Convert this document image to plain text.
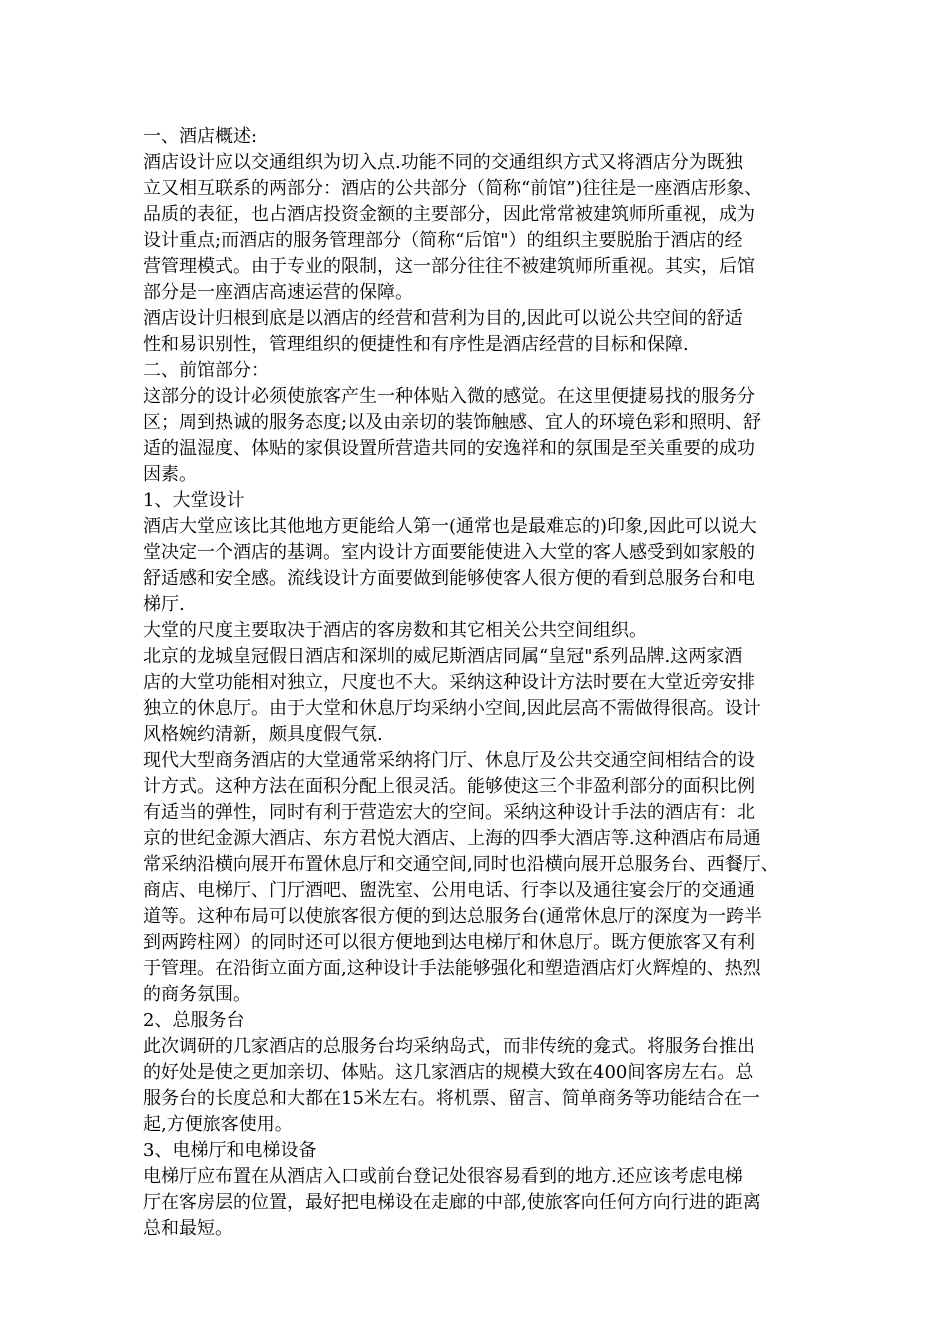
一、酒店概述:
酒店设计应以交通组织为切入点.功能不同的交通组织方式又将酒店分为既独
立又相互联系的两部分：酒店的公共部分（简称“前馆”)往往是一座酒店形象、
品质的表征，也占酒店投资金额的主要部分，因此常常被建筑师所重视，成为
设计重点;而酒店的服务管理部分（简称“后馆"）的组织主要脱胎于酒店的经
营管理模式。由于专业的限制，这一部分往往不被建筑师所重视。其实，后馆
部分是一座酒店高速运营的保障。
酒店设计归根到底是以酒店的经营和营利为目的,因此可以说公共空间的舒适
性和易识别性，管理组织的便捷性和有序性是酒店经营的目标和保障.
二、前馆部分：
这部分的设计必须使旅客产生一种体贴入微的感觉。在这里便捷易找的服务分
区；周到热诚的服务态度;以及由亲切的装饰触感、宜人的环境色彩和照明、舒
适的温湿度、体贴的家俱设置所营造共同的安逸祥和的氛围是至关重要的成功
因素。
1、大堂设计
酒店大堂应该比其他地方更能给人第一(通常也是最难忘的)印象,因此可以说大
堂决定一个酒店的基调。室内设计方面要能使进入大堂的客人感受到如家般的
舒适感和安全感。流线设计方面要做到能够使客人很方便的看到总服务台和电
梯厅.
大堂的尺度主要取决于酒店的客房数和其它相关公共空间组织。
北京的龙城皇冠假日酒店和深圳的威尼斯酒店同属“皇冠"系列品牌.这两家酒
店的大堂功能相对独立，尺度也不大。采纳这种设计方法时要在大堂近旁安排
独立的休息厅。由于大堂和休息厅均采纳小空间,因此层高不需做得很高。设计
风格婉约清新，颇具度假气氛.
现代大型商务酒店的大堂通常采纳将门厅、休息厅及公共交通空间相结合的设
计方式。这种方法在面积分配上很灵活。能够使这三个非盈利部分的面积比例
有适当的弹性，同时有利于营造宏大的空间。采纳这种设计手法的酒店有：北
京的世纪金源大酒店、东方君悦大酒店、上海的四季大酒店等.这种酒店布局通
常采纳沿横向展开布置休息厅和交通空间,同时也沿横向展开总服务台、西餐厅、
商店、电梯厅、门厅酒吧、盥洗室、公用电话、行李以及通往宴会厅的交通通
道等。这种布局可以使旅客很方便的到达总服务台(通常休息厅的深度为一跨半
到两跨柱网）的同时还可以很方便地到达电梯厅和休息厅。既方便旅客又有利
于管理。在沿街立面方面,这种设计手法能够强化和塑造酒店灯火辉煌的、热烈
的商务氛围。
2、总服务台
此次调研的几家酒店的总服务台均采纳岛式，而非传统的龛式。将服务台推出
的好处是使之更加亲切、体贴。这几家酒店的规模大致在400间客房左右。总
服务台的长度总和大都在15米左右。将机票、留言、简单商务等功能结合在一
起,方便旅客使用。
3、电梯厅和电梯设备
电梯厅应布置在从酒店入口或前台登记处很容易看到的地方.还应该考虑电梯
厅在客房层的位置，最好把电梯设在走廊的中部,使旅客向任何方向行进的距离
总和最短。
